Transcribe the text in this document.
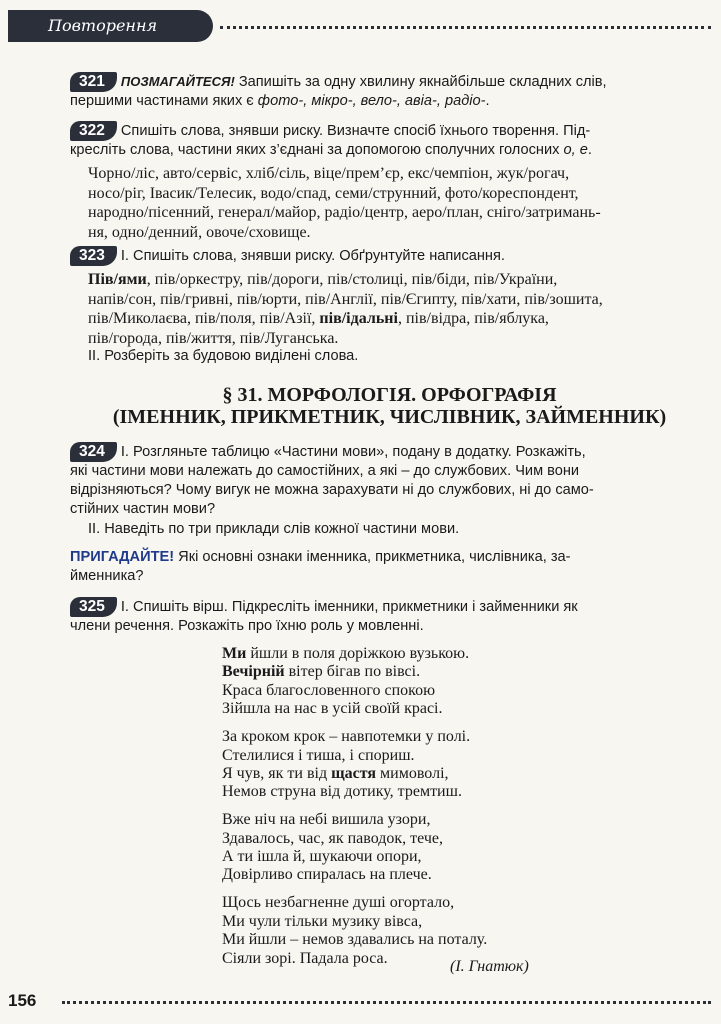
Повторення
321 ПОЗМАГАЙТЕСЯ! Запишіть за одну хвилину якнайбільше складних слів,
першими частинами яких є фото-, мікро-, вело-, авіа-, радіо-.
322 Спишіть слова, знявши риску. Визначте спосіб їхнього творення. Під-
кресліть слова, частини яких з’єднані за допомогою сполучних голосних о, е.
Чорно/ліс, авто/сервіс, хліб/сіль, віце/прем’єр, екс/чемпіон, жук/рогач,
носо/ріг, Івасик/Телесик, водо/спад, семи/струнний, фото/кореспондент,
народно/пісенний, генерал/майор, радіо/центр, аеро/план, сніго/затримань-
ня, одно/денний, овоче/сховище.
323 I. Спишіть слова, знявши риску. Обґрунтуйте написання.
Пів/ями, пів/оркестру, пів/дороги, пів/столиці, пів/біди, пів/України,
напів/сон, пів/гривні, пів/юрти, пів/Англії, пів/Єгипту, пів/хати, пів/зошита,
пів/Миколаєва, пів/поля, пів/Азії, пів/ідальні, пів/відра, пів/яблука,
пів/города, пів/життя, пів/Луганська.
II. Розберіть за будовою виділені слова.
§ 31. МОРФОЛОГІЯ. ОРФОГРАФІЯ
(ІМЕННИК, ПРИКМЕТНИК, ЧИСЛІВНИК, ЗАЙМЕННИК)
324 I. Розгляньте таблицю «Частини мови», подану в додатку. Розкажіть,
які частини мови належать до самостійних, а які – до службових. Чим вони
відрізняються? Чому вигук не можна зарахувати ні до службових, ні до само-
стійних частин мови?
II. Наведіть по три приклади слів кожної частини мови.
ПРИГАДАЙТЕ! Які основні ознаки іменника, прикметника, числівника, за-
йменника?
325 I. Спишіть вірш. Підкресліть іменники, прикметники і займенники як
члени речення. Розкажіть про їхню роль у мовленні.
Ми йшли в поля доріжкою вузькою.
Вечірній вітер бігав по вівсі.
Краса благословенного спокою
Зійшла на нас в усій своїй красі.
За кроком крок – навпотемки у полі.
Стелилися і тиша, і спориш.
Я чув, як ти від щастя мимоволі,
Немов струна від дотику, тремтиш.
Вже ніч на небі вишила узори,
Здавалось, час, як паводок, тече,
А ти ішла й, шукаючи опори,
Довірливо спиралась на плече.
Щось незбагненне душі огортало,
Ми чули тільки музику вівса,
Ми йшли – немов здавались на поталу.
Сіяли зорі. Падала роса.	(І. Гнатюк)
156
